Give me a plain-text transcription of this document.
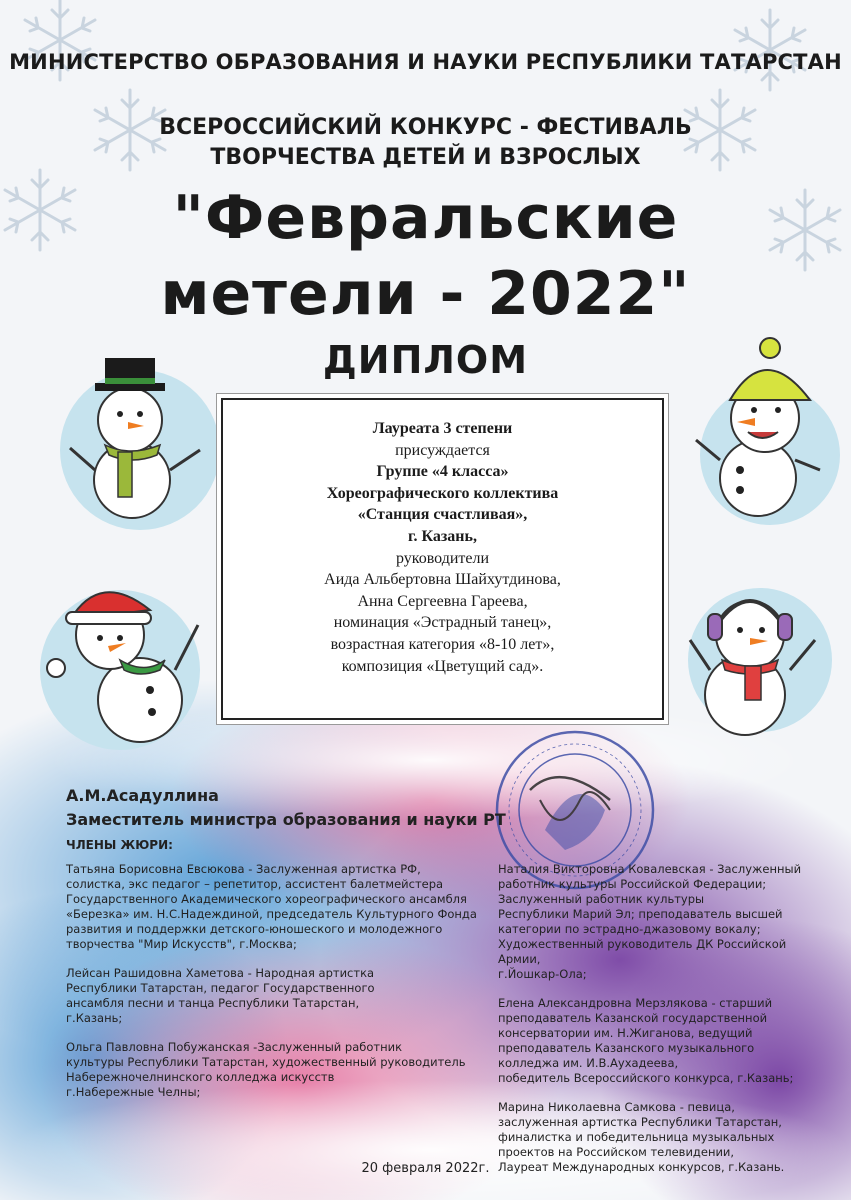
МИНИСТЕРСТВО ОБРАЗОВАНИЯ И НАУКИ РЕСПУБЛИКИ ТАТАРСТАН
ВСЕРОССИЙСКИЙ КОНКУРС - ФЕСТИВАЛЬ
ТВОРЧЕСТВА ДЕТЕЙ И ВЗРОСЛЫХ
"Февральские
метели - 2022"
ДИПЛОМ
Лауреата 3 степени
присуждается
Группе «4 класса»
Хореографического коллектива
«Станция счастливая»,
г. Казань,
руководители
Аида Альбертовна Шайхутдинова,
Анна Сергеевна Гареева,
номинация «Эстрадный танец»,
возрастная категория «8-10 лет»,
композиция «Цветущий сад».
А.М.Асадуллина
Заместитель министра образования и науки РТ
ЧЛЕНЫ ЖЮРИ:

Татьяна Борисовна Евсюкова - Заслуженная артистка РФ,
солистка, экс педагог – репетитор, ассистент балетмейстера
Государственного Академического хореографического ансамбля
«Березка» им. Н.С.Надеждиной, председатель Культурного Фонда
развития и поддержки детского-юношеского и молодежного
творчества "Мир Искусств", г.Москва;

Лейсан Рашидовна Хаметова - Народная артистка
Республики Татарстан, педагог Государственного
ансамбля песни и танца Республики Татарстан,
г.Казань;

Ольга Павловна Побужанская -Заслуженный работник
культуры Республики Татарстан, художественный руководитель
Набережночелнинского колледжа искусств
г.Набережные Челны;

Наталия Викторовна Ковалевская - Заслуженный
работник культуры Российской Федерации;
Заслуженный работник культуры
Республики Марий Эл; преподаватель высшей
категории по эстрадно-джазовому вокалу;
Художественный руководитель ДК Российской Армии,
г.Йошкар-Ола;

Елена Александровна Мерзлякова - старший
преподаватель Казанской государственной
консерватории им. Н.Жиганова, ведущий
преподаватель Казанского музыкального
колледжа им. И.В.Аухадеева,
победитель Всероссийского конкурса, г.Казань;

Марина Николаевна Самкова - певица,
заслуженная артистка Республики Татарстан,
финалистка и победительница музыкальных
проектов на Российском телевидении,
Лауреат Международных конкурсов, г.Казань.

20 февраля 2022г.
